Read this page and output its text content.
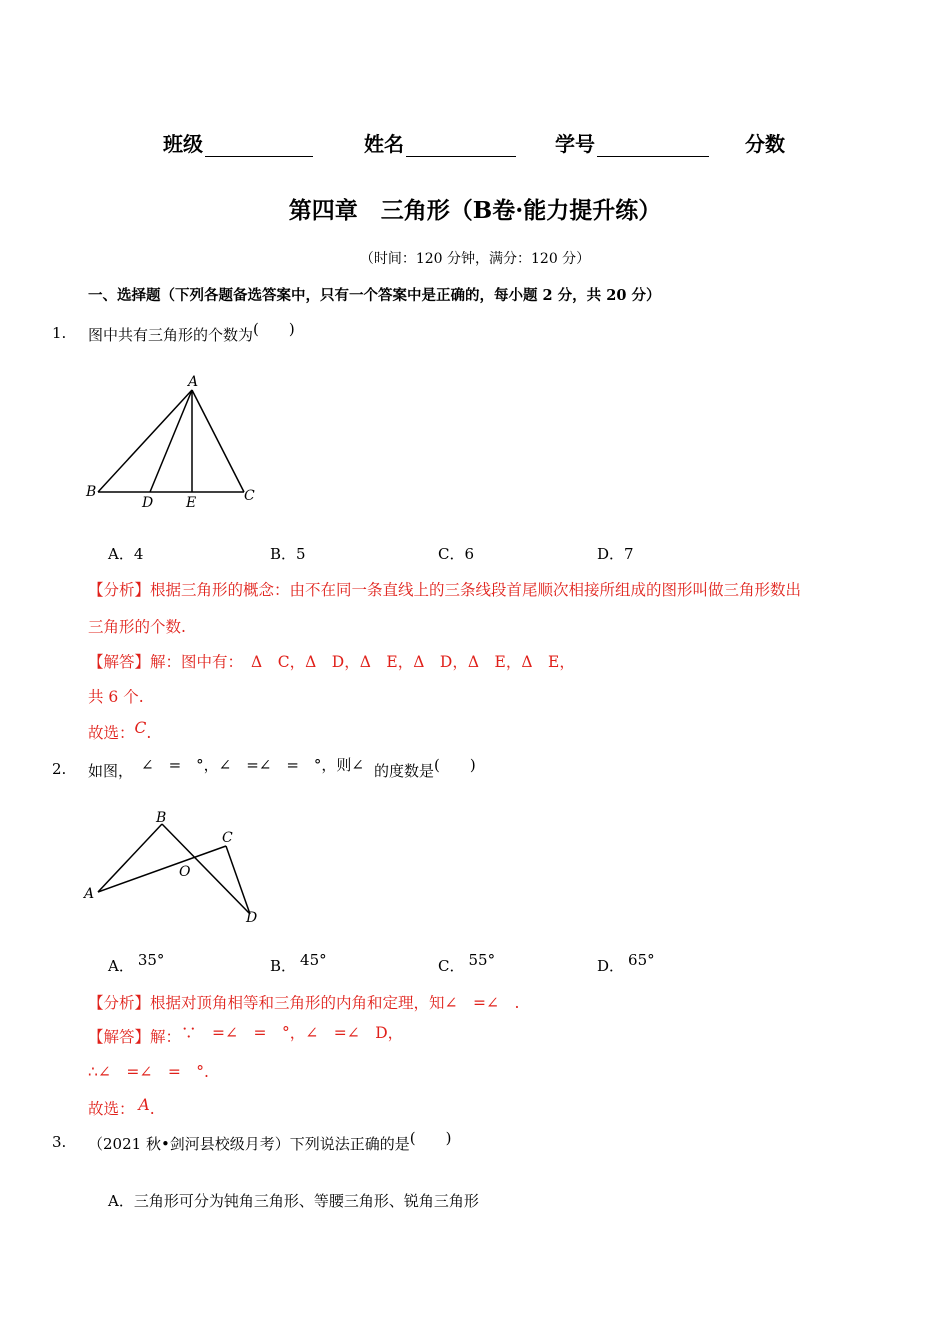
班级	姓名	学号	分数
第四章　三角形（B卷·能力提升练）
（时间：120 分钟，满分：120 分）
一、选择题（下列各题备选答案中，只有一个答案中是正确的，每小题 2 分，共 20 分）
1. 图中共有三角形的个数为(　　)
A
B
D E	C
A．4	B．5	C．6	D．7
【分析】根据三角形的概念：由不在同一条直线上的三条线段首尾顺次相接所组成的图形叫做三角形数出
三角形的个数.
【解答】解：图中有： Δ　C，Δ　D，Δ　E，Δ　D，Δ　E，Δ　E，
共 6 个.
故选：C.
2. 如图， ∠　=　°，∠　=∠　=　°，则∠ 的度数是(　　)
B
C
O
A
D
A． 35°	B． 45°	C． 55°	D． 65°
【分析】根据对顶角相等和三角形的内角和定理，知∠　=∠　.
【解答】解：∵　=∠　=　°，∠　=∠　D，
∴∠　=∠　=　°.
故选： A.
3. （2021 秋•剑河县校级月考）下列说法正确的是(　　)
A．三角形可分为钝角三角形、等腰三角形、锐角三角形
